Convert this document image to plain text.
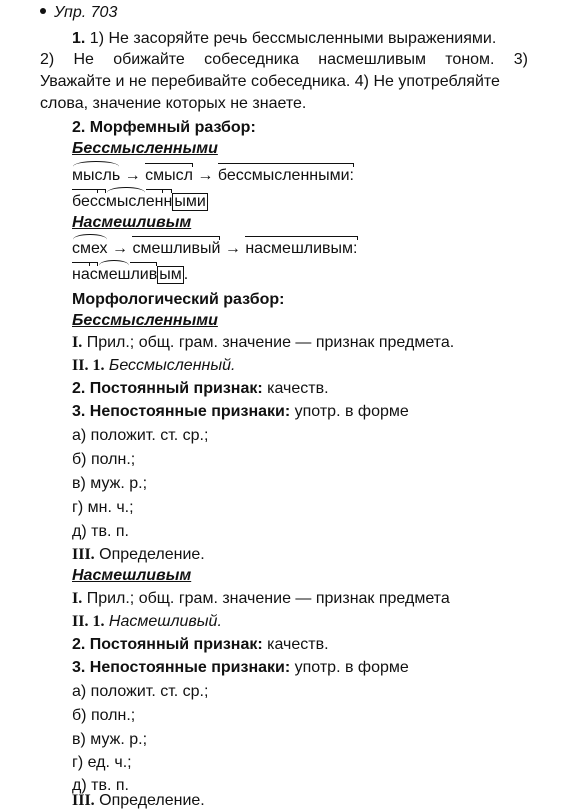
Упр. 703
1. 1) Не засоряйте речь бессмысленными выражениями.
2) Не обижайте собеседника насмешливым тоном. 3)
Уважайте и не перебивайте собеседника. 4) Не употребляйте
слова, значение которых не знаете.
2. Морфемный разбор:
Бессмысленными
мысль → смысл → бессмысленными:
бессмысленн ыми
Насмешливым
смех → смешливый → насмешливым:
насмешлив ым .
Морфологический разбор:
Бессмысленными
I. Прил.; общ. грам. значение — признак предмета.
II. 1. Бессмысленный.
2. Постоянный признак: качеств.
3. Непостоянные признаки: употр. в форме
а) положит. ст. ср.;
б) полн.;
в) муж. р.;
г) мн. ч.;
д) тв. п.
III. Определение.
Насмешливым
I. Прил.; общ. грам. значение — признак предмета
II. 1. Насмешливый.
2. Постоянный признак: качеств.
3. Непостоянные признаки: употр. в форме
а) положит. ст. ср.;
б) полн.;
в) муж. р.;
г) ед. ч.;
д) тв. п.
III. Определение.
